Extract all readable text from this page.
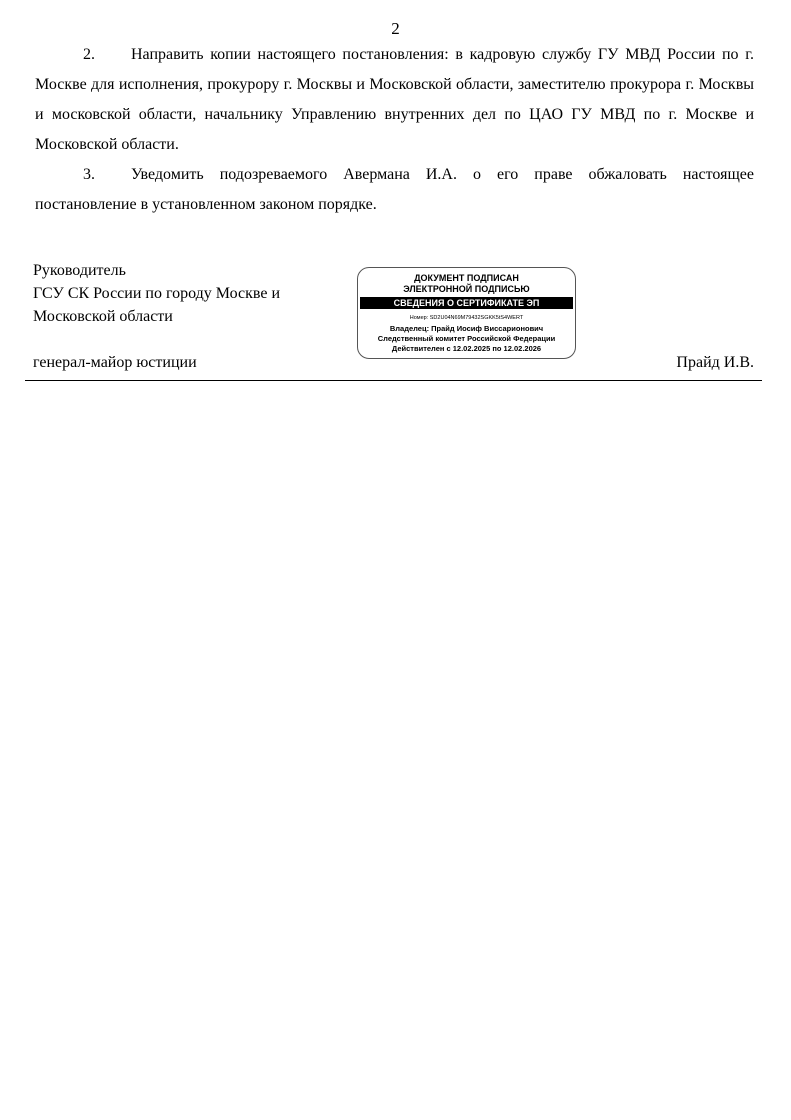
2

2. Направить копии настоящего постановления: в кадровую службу ГУ МВД России по г. Москве для исполнения, прокурору г. Москвы и Московской области, заместителю прокурора г. Москвы и московской области, начальнику Управлению внутренних дел по ЦАО ГУ МВД по г. Москве и Московской области.

3. Уведомить подозреваемого Авермана И.А. о его праве обжаловать настоящее постановление в установленном законом порядке.

Руководитель
ГСУ СК России по городу Москве и
Московской области
ДОКУМЕНТ ПОДПИСАН
ЭЛЕКТРОННОЙ ПОДПИСЬЮ
СВЕДЕНИЯ О СЕРТИФИКАТЕ ЭП
Номер: SD2U04N69M79432SGKK5tS4WERT
Владелец: Прайд Иосиф Виссарионович
Следственный комитет Российской Федерации
Действителен с 12.02.2025 по 12.02.2026
генерал-майор юстиции	Прайд И.В.
